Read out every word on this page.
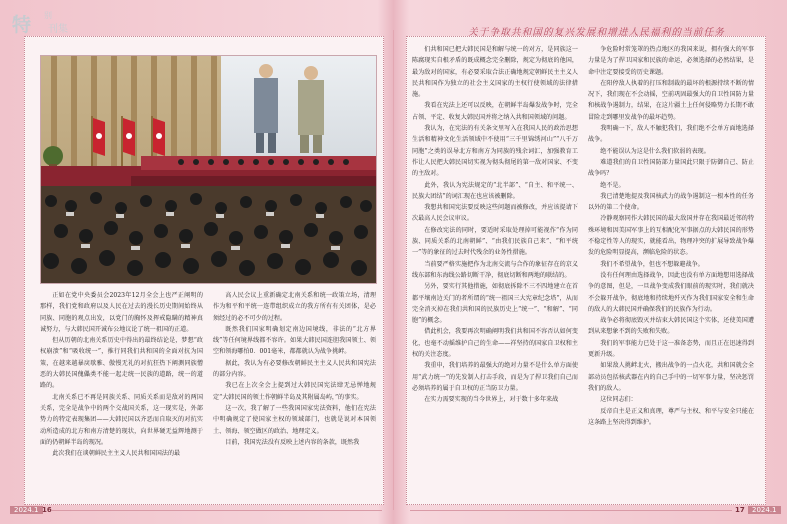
特 别
刊集	关于争取共和国的复兴发展和增进人民福利的当前任务

正如在党中央委员会2023年12月全会上也严正阐明的那样，我们党和政府以及人民在过去的漫长历史期间始终从同族、同胞的观点出发，以党门的胸怀及挥戒隐瞒的精神真诚努力，与大韩民国开诚布公地议论了统一祖国的正道。

但从历朝的北南关系历史中得出的最终结论是，梦想“政权崩溃”和“吸收统一”，推行同我们共和国的全面对抗为国策，在越来越暴戾歇雅、傲慢无礼的对抗狂热下阐测同族憎恶的大韩民国傀儡类不能一起走统一民族的道路，统一的道路的。

北南关系已不再是同族关系、同质关系而是敌对的两国关系，完全是战争中的两个交战国关系，这一现实是，外部势力的特定表现集团——大韩民国以齐恶而自取灭的对抗实动所造成的北方和南方清楚的现状，向世界硬无益辉地测于面的仍朝鲜半岛的现况。

此次我们在谈朝鲜民主主义人民共和国国法的最

高人民会议上重新确定北南关系和统一政策立场，清理作为和平和平统一连带组织成立的我方所有有关团体，是必须经过的必不可少的过程。

既然我们国家明确划定南边国境线，非法的“北方界线”等任何境界线都不容许。如果大韩民国连胆我国领土、领空和领海哪怕0．001毫米，都都就认为战争挑衅。

据此，我认为有必要修改朝鲜民主主义人民共和国宪法的部分内容。

我已在上次全会上提到过大韩民国宪法肆无忌惮地规定“大韩民国的领土作朝鲜半岛及其附属岛屿，”的事实。

这一次，我了解了一些我国国家宪法资料，他们在宪法中明确规定了使国家主权的领域部门，也就是说对本国领土、领海、领空做区的政治、地理定义。

目前，我国宪法没有反映上述内容的条款，既然我

们共和国已把大韩民国是和解与统一的对方，是同族这一陈腐现实自根矛盾的既成概念完全删除，规定为彻底的他国，最为敌对的国家，有必要采取合法正确地规定朝鲜民主主义人民共和国作为独立的社会主义国家的主权行使领域的法律措施。

我看在宪法上还可以反映，在朝鲜半岛爆发战争时，完全占领、平定、收复大韩民国并将之纳入共和国领域的问题。

我认为，在宪法的有关条文里写入在我国人民的政治思想生活和精神文化生活领域中不使用“三千里锦绣河山”“八千万同胞”之类的误导北方和南方为同族的残余词汇，加强教育工作让人民把大韩民国切实视为彻头彻尾的第一敌对国家、不变的主敌对。

此外，我认为宪法规定的“北半部”、“自主、和平统一、民族大团结”的词汇现在也应该被删除。

我想共和国宪法要反映这些问题而被修改，并应该提请下次最高人民会议审议。

在修改宪法的同时，要适时采取处理掉可能视作“作为同族、同质关系的北南朝鲜”、“由我们民族自己来”、“和平统一”等的象征的过去时代残余的业务性措施。

当前要严格实施把作为北南交流与合作的象征存在的京义线东部和东海线公路切断干净，彻底切断和两地的联结的。

另外，要实行其他措施，如彻底拆除不三不四地建立在首都平壤南边关门的者所谓的“统一祖国三大宪章纪念塔”，从而完全消灭掉在我们共和国的民族历史上“统一”、“和解”、“同胞”的概念。

借此机会，我要再次明确阐明我们共和国不容否认如何变化，也毫不动摇维护自己的生命——祥坚持的国家自卫权和主权的关注态度。

我重申，我们培养的最强大的绝对力量不是什么单方面使用“武力统一”的先发制人打击手段，而是为了捍卫我们自己而必须培养的属于自卫权的正当防卫力量。

在实力需要实现的当今世界上，对于数十多年来战

争危险时常笼罩的热点地区的我国来说，拥有强大的军事力量是为了捍卫国家和民族的命运，必须选择的必然结果，是命中注定要接受的历史课题。

在阳停敌人执着的打压和制裁的最坏的根源持续不断的情况下，我们现在不会动摇，空前巩固最强大的自卫性国防力量和核战争遏制力，结果，在这片疆土上任何侵略势力长期不敢冒险走到哪里发战争的最坏趋势。

我明确一下，敌人不触犯我们，我们绝不会单方面地选择战争。

绝不能误认为这是什么我们软弱的表现。

难道我们的自卫性国防部力量国此只限于防御自己、防止战争吗？

绝不是。

我已清楚地提及我国核武力的战争遏制这一根本性的任务以外的第二个使命。

冷静观察同作大韩民国的最大敌国并存在我国最近邻的特殊环境和因美国军事上的互相配化军事据点的大韩民国的形势不稳定性等人的现实，就能看出，物理冲突的扩展导致战争爆发的危险明显提高，濒临危险的状态。

我们不希望战争，但也不想躲避战争。

没有任何理由选择战争，因此也没有单方面地想用选择战争的意图，但是，一旦战争变成我们眼前的现实时，我们就决不会躲开战争，彻底地和持续地歼灭作为我们国家安全和生命的敌人的大韩民国并确保我们的民族作为行动。

战争必将彻底毁灭并结束大韩民国这个实体，还使美国遭到从来想象不到的失败和失败。

我们的军事能力已处于这一准备态势，而且正在迅速得到更新升级。

如果敌人挑衅北火，搬出战争的一点火花，共和国就会全部动员包括核武器在内的自己手中的一切军事力量，坚决惩罚我们的敌人。

这位同志们：

反帝自主是正义和真理，尊严与主权、和平与安全只能在这条路上坚决得到维护。

2024.1 16	17	2024.1
